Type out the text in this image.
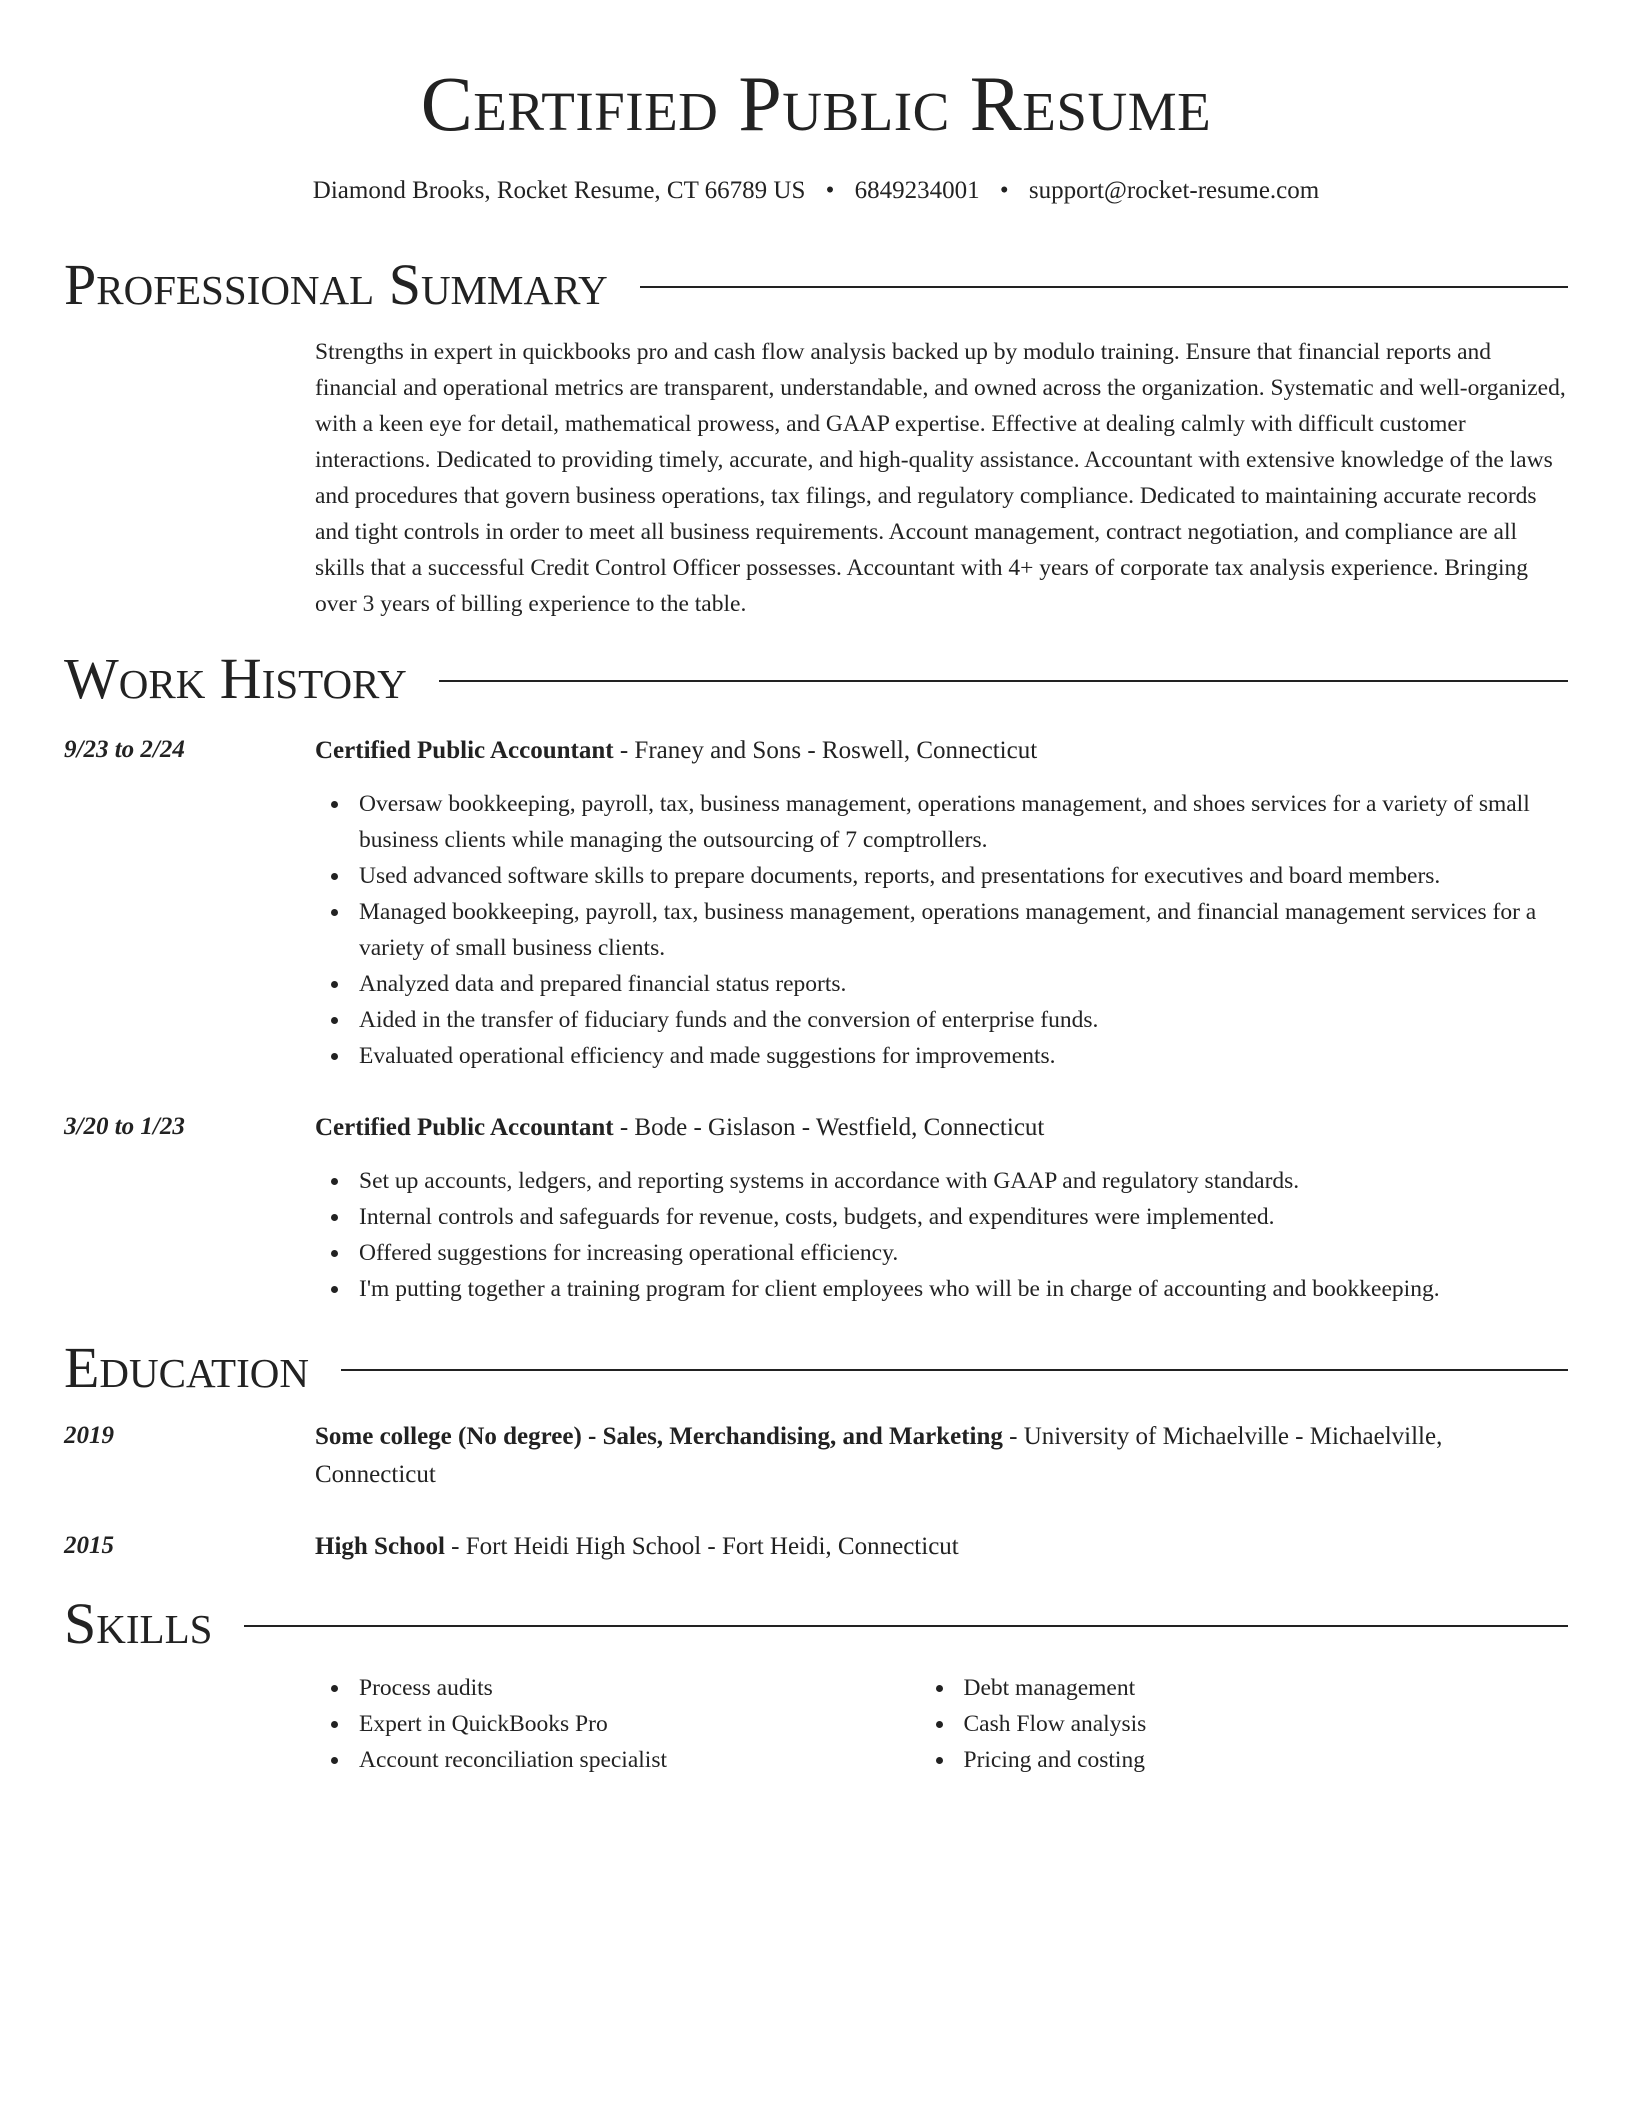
Certified Public Resume
Diamond Brooks, Rocket Resume, CT 66789 US • 6849234001 • support@rocket-resume.com
Professional Summary

Strengths in expert in quickbooks pro and cash flow analysis backed up by modulo training. Ensure that financial reports and financial and operational metrics are transparent, understandable, and owned across the organization. Systematic and well-organized, with a keen eye for detail, mathematical prowess, and GAAP expertise. Effective at dealing calmly with difficult customer interactions. Dedicated to providing timely, accurate, and high-quality assistance. Accountant with extensive knowledge of the laws and procedures that govern business operations, tax filings, and regulatory compliance. Dedicated to maintaining accurate records and tight controls in order to meet all business requirements. Account management, contract negotiation, and compliance are all skills that a successful Credit Control Officer possesses. Accountant with 4+ years of corporate tax analysis experience. Bringing over 3 years of billing experience to the table.

Work History
9/23 to 2/24	Certified Public Accountant - Franey and Sons - Roswell, Connecticut
Oversaw bookkeeping, payroll, tax, business management, operations management, and shoes services for a variety of small business clients while managing the outsourcing of 7 comptrollers.
Used advanced software skills to prepare documents, reports, and presentations for executives and board members.
Managed bookkeeping, payroll, tax, business management, operations management, and financial management services for a variety of small business clients.
Analyzed data and prepared financial status reports.
Aided in the transfer of fiduciary funds and the conversion of enterprise funds.
Evaluated operational efficiency and made suggestions for improvements.
3/20 to 1/23	Certified Public Accountant - Bode - Gislason - Westfield, Connecticut
Set up accounts, ledgers, and reporting systems in accordance with GAAP and regulatory standards.
Internal controls and safeguards for revenue, costs, budgets, and expenditures were implemented.
Offered suggestions for increasing operational efficiency.
I'm putting together a training program for client employees who will be in charge of accounting and bookkeeping.
Education
2019	Some college (No degree) - Sales, Merchandising, and Marketing - University of Michaelville - Michaelville, Connecticut
2015	High School - Fort Heidi High School - Fort Heidi, Connecticut
Skills
Process audits
Expert in QuickBooks Pro
Account reconciliation specialist
Debt management
Cash Flow analysis
Pricing and costing
